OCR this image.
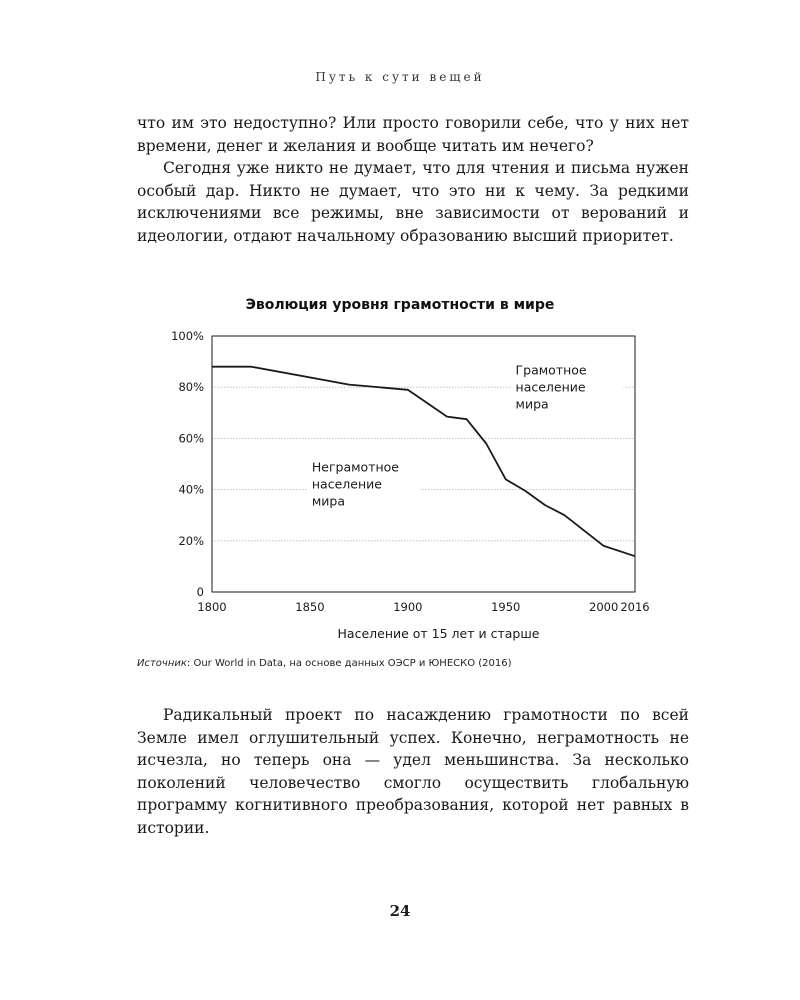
Путь к сути вещей

что им это недоступно? Или просто говорили себе, что у них нет времени, денег и желания и вообще читать им нечего?

Сегодня уже никто не думает, что для чтения и письма нужен особый дар. Никто не думает, что это ни к чему. За редкими исключениями все режимы, вне зависимости от верований и идеологии, отдают начальному образованию высший приоритет.

Эволюция уровня грамотности в мире
0
20%
40%
60%
80%
100%
1800	1850	1900	1950	2000 2016
Население от 15 лет и старше
Грамотное
население
мира
Неграмотное
население
мира
Источник: Our World in Data, на основе данных ОЭСР и ЮНЕСКО (2016)

Радикальный проект по насаждению грамотности по всей Земле имел оглушительный успех. Конечно, неграмотность не исчезла, но теперь она — удел меньшинства. За несколько поколений человечество смогло осуществить глобальную программу когнитивного преобразования, которой нет равных в истории.

24
